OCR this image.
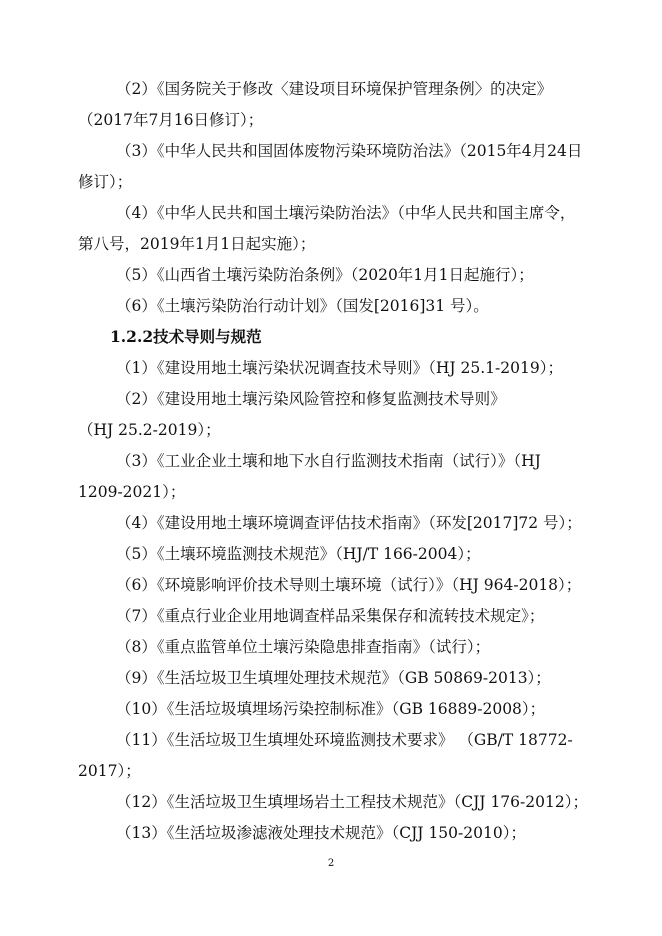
（2）《国务院关于修改〈建设项目环境保护管理条例〉的决定》
（2017年7月16日修订）；
（3）《中华人民共和国固体废物污染环境防治法》（2015年4月24日
修订）；
（4）《中华人民共和国土壤污染防治法》（中华人民共和国主席令，
第八号，2019年1月1日起实施）；
（5）《山西省土壤污染防治条例》（2020年1月1日起施行）；
（6）《土壤污染防治行动计划》（国发[2016]31 号）。
1.2.2技术导则与规范
（1）《建设用地土壤污染状况调查技术导则》（HJ 25.1-2019）；
（2）《建设用地土壤污染风险管控和修复监测技术导则》
（HJ 25.2-2019）；
（3）《工业企业土壤和地下水自行监测技术指南（试行）》（HJ
1209-2021）；
（4）《建设用地土壤环境调查评估技术指南》（环发[2017]72 号）；
（5）《土壤环境监测技术规范》（HJ/T 166-2004）；
（6）《环境影响评价技术导则土壤环境（试行）》（HJ 964-2018）；
（7）《重点行业企业用地调查样品采集保存和流转技术规定》；
（8）《重点监管单位土壤污染隐患排查指南》（试行）；
（9）《生活垃圾卫生填埋处理技术规范》（GB 50869-2013）；
（10）《生活垃圾填埋场污染控制标准》（GB 16889-2008）；
（11）《生活垃圾卫生填埋处环境监测技术要求》 （GB/T 18772-
2017）；
（12）《生活垃圾卫生填埋场岩土工程技术规范》（CJJ 176-2012）；
（13）《生活垃圾渗滤液处理技术规范》（CJJ 150-2010）；
2
